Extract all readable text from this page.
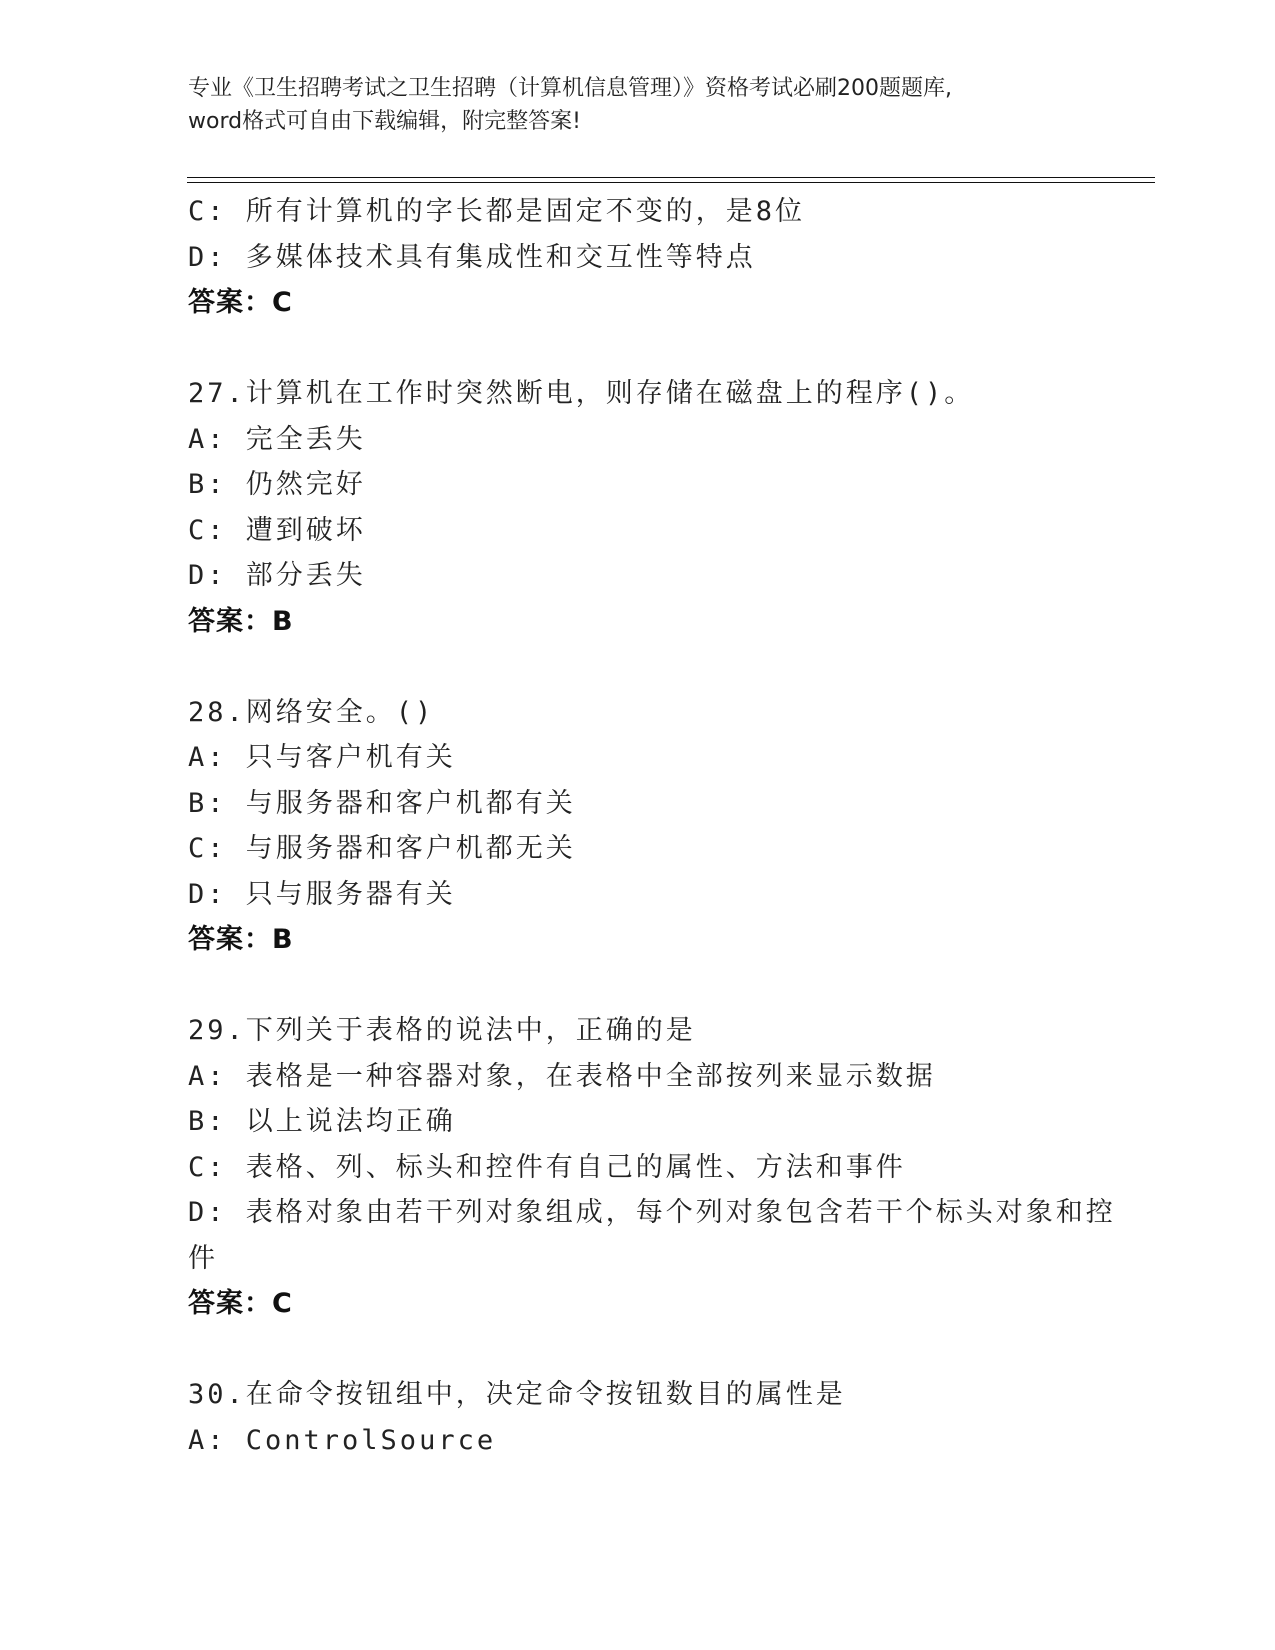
专业《卫生招聘考试之卫生招聘（计算机信息管理）》资格考试必刷200题题库,
word格式可自由下载编辑，附完整答案!
C: 所有计算机的字长都是固定不变的，是8位
D: 多媒体技术具有集成性和交互性等特点
答案：C
27.计算机在工作时突然断电，则存储在磁盘上的程序()。
A: 完全丢失
B: 仍然完好
C: 遭到破坏
D: 部分丢失
答案：B
28.网络安全。()
A: 只与客户机有关
B: 与服务器和客户机都有关
C: 与服务器和客户机都无关
D: 只与服务器有关
答案：B
29.下列关于表格的说法中，正确的是
A: 表格是一种容器对象，在表格中全部按列来显示数据
B: 以上说法均正确
C: 表格、列、标头和控件有自己的属性、方法和事件
D: 表格对象由若干列对象组成，每个列对象包含若干个标头对象和控
件
答案：C
30.在命令按钮组中，决定命令按钮数目的属性是
A: ControlSource
